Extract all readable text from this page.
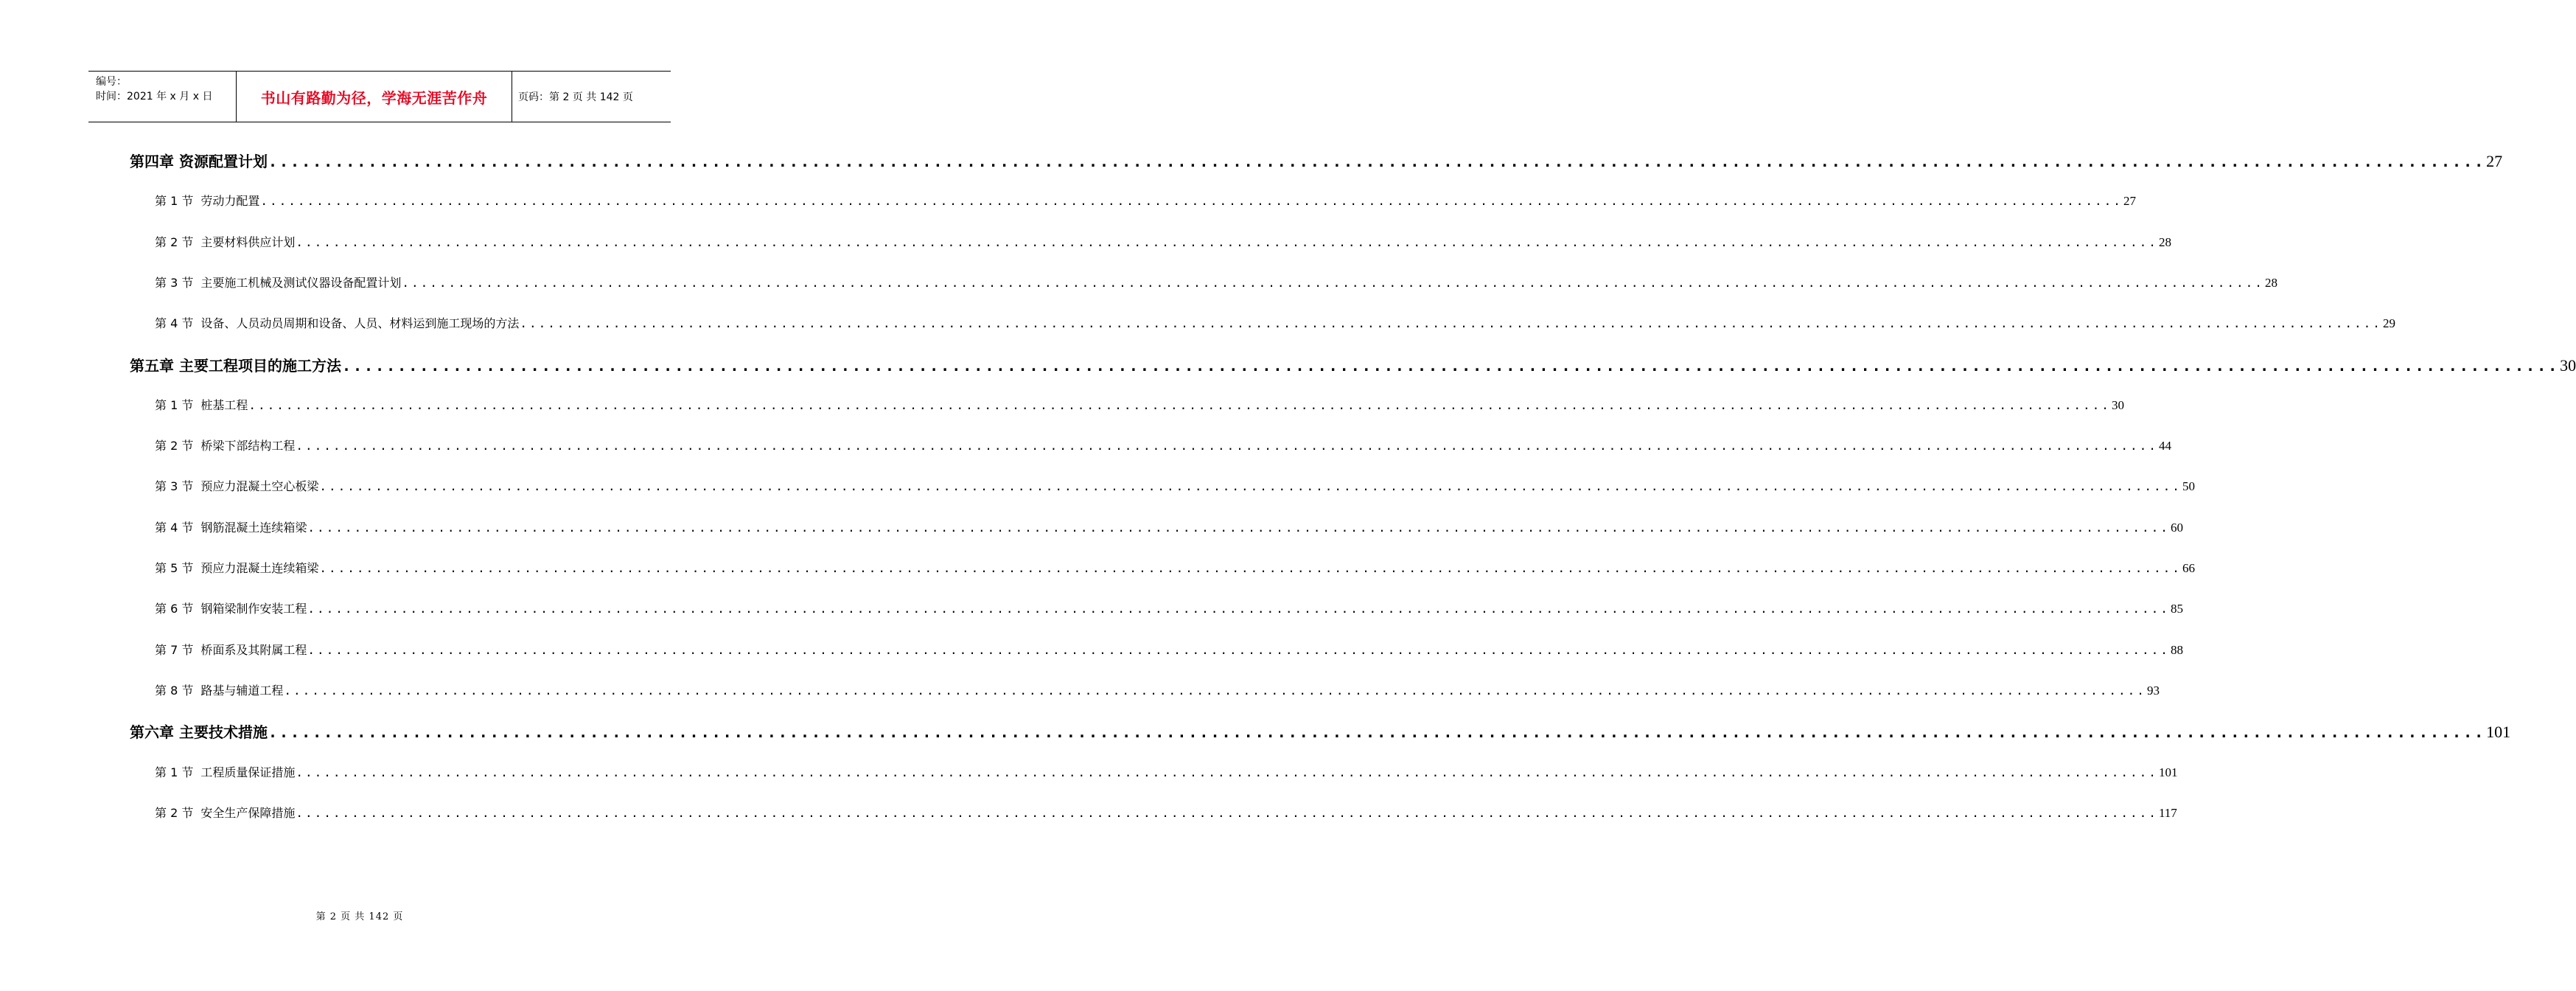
编号：
时间：2021 年 x 月 x 日	书山有路勤为径，学海无涯苦作舟	页码：第 2 页 共 142 页
第四章 资源配置计划 ........................................................................................................................................................................................................ 27
第 1 节 劳动力配置 ........................................................................................................................................................................................................ 27
第 2 节 主要材料供应计划 ........................................................................................................................................................................................................ 28
第 3 节 主要施工机械及测试仪器设备配置计划 ........................................................................................................................................................................................................ 28
第 4 节 设备、人员动员周期和设备、人员、材料运到施工现场的方法 ........................................................................................................................................................................................................ 29
第五章 主要工程项目的施工方法 ........................................................................................................................................................................................................ 30
第 1 节 桩基工程 ........................................................................................................................................................................................................ 30
第 2 节 桥梁下部结构工程 ........................................................................................................................................................................................................ 44
第 3 节 预应力混凝土空心板梁 ........................................................................................................................................................................................................ 50
第 4 节 钢筋混凝土连续箱梁 ........................................................................................................................................................................................................ 60
第 5 节 预应力混凝土连续箱梁 ........................................................................................................................................................................................................ 66
第 6 节 钢箱梁制作安装工程 ........................................................................................................................................................................................................ 85
第 7 节 桥面系及其附属工程 ........................................................................................................................................................................................................ 88
第 8 节 路基与辅道工程 ........................................................................................................................................................................................................ 93
第六章 主要技术措施 ........................................................................................................................................................................................................ 101
第 1 节 工程质量保证措施 ........................................................................................................................................................................................................ 101
第 2 节 安全生产保障措施 ........................................................................................................................................................................................................ 117
第 2 页 共 142 页
